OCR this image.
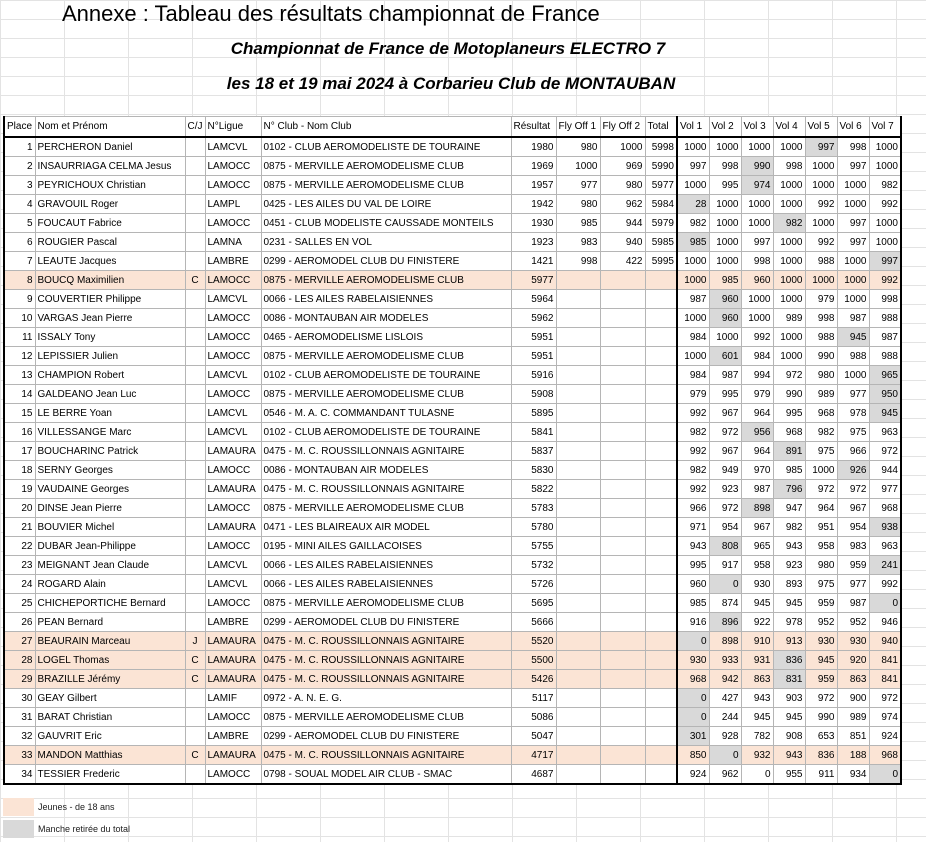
Annexe : Tableau des résultats championnat de France
Championnat de France de Motoplaneurs ELECTRO 7
les 18 et 19 mai 2024 à Corbarieu Club de MONTAUBAN
Place	Nom et Prénom	C/J	N°Ligue	N° Club - Nom Club	Résultat	Fly Off 1	Fly Off 2	Total	Vol 1	Vol 2	Vol 3	Vol 4	Vol 5	Vol 6	Vol 7
1	PERCHERON Daniel		LAMCVL	0102 - CLUB AEROMODELISTE DE TOURAINE	1980	980	1000	5998	1000	1000	1000	1000	997	998	1000
2	INSAURRIAGA CELMA Jesus		LAMOCC	0875 - MERVILLE AEROMODELISME CLUB	1969	1000	969	5990	997	998	990	998	1000	997	1000
3	PEYRICHOUX Christian		LAMOCC	0875 - MERVILLE AEROMODELISME CLUB	1957	977	980	5977	1000	995	974	1000	1000	1000	982
4	GRAVOUIL Roger		LAMPL	0425 - LES AILES DU VAL DE LOIRE	1942	980	962	5984	28	1000	1000	1000	992	1000	992
5	FOUCAUT Fabrice		LAMOCC	0451 - CLUB MODELISTE CAUSSADE MONTEILS	1930	985	944	5979	982	1000	1000	982	1000	997	1000
6	ROUGIER Pascal		LAMNA	0231 - SALLES EN VOL	1923	983	940	5985	985	1000	997	1000	992	997	1000
7	LEAUTE Jacques		LAMBRE	0299 - AEROMODEL CLUB DU FINISTERE	1421	998	422	5995	1000	1000	998	1000	988	1000	997
8	BOUCQ Maximilien	C	LAMOCC	0875 - MERVILLE AEROMODELISME CLUB	5977				1000	985	960	1000	1000	1000	992
9	COUVERTIER Philippe		LAMCVL	0066 - LES AILES RABELAISIENNES	5964				987	960	1000	1000	979	1000	998
10	VARGAS Jean Pierre		LAMOCC	0086 - MONTAUBAN AIR MODELES	5962				1000	960	1000	989	998	987	988
11	ISSALY Tony		LAMOCC	0465 - AEROMODELISME LISLOIS	5951				984	1000	992	1000	988	945	987
12	LEPISSIER Julien		LAMOCC	0875 - MERVILLE AEROMODELISME CLUB	5951				1000	601	984	1000	990	988	988
13	CHAMPION Robert		LAMCVL	0102 - CLUB AEROMODELISTE DE TOURAINE	5916				984	987	994	972	980	1000	965
14	GALDEANO Jean Luc		LAMOCC	0875 - MERVILLE AEROMODELISME CLUB	5908				979	995	979	990	989	977	950
15	LE BERRE Yoan		LAMCVL	0546 - M. A. C. COMMANDANT TULASNE	5895				992	967	964	995	968	978	945
16	VILLESSANGE Marc		LAMCVL	0102 - CLUB AEROMODELISTE DE TOURAINE	5841				982	972	956	968	982	975	963
17	BOUCHARINC Patrick		LAMAURA	0475 - M. C. ROUSSILLONNAIS AGNITAIRE	5837				992	967	964	891	975	966	972
18	SERNY Georges		LAMOCC	0086 - MONTAUBAN AIR MODELES	5830				982	949	970	985	1000	926	944
19	VAUDAINE Georges		LAMAURA	0475 - M. C. ROUSSILLONNAIS AGNITAIRE	5822				992	923	987	796	972	972	977
20	DINSE Jean Pierre		LAMOCC	0875 - MERVILLE AEROMODELISME CLUB	5783				966	972	898	947	964	967	968
21	BOUVIER Michel		LAMAURA	0471 - LES BLAIREAUX AIR MODEL	5780				971	954	967	982	951	954	938
22	DUBAR Jean-Philippe		LAMOCC	0195 - MINI AILES GAILLACOISES	5755				943	808	965	943	958	983	963
23	MEIGNANT Jean Claude		LAMCVL	0066 - LES AILES RABELAISIENNES	5732				995	917	958	923	980	959	241
24	ROGARD Alain		LAMCVL	0066 - LES AILES RABELAISIENNES	5726				960	0	930	893	975	977	992
25	CHICHEPORTICHE Bernard		LAMOCC	0875 - MERVILLE AEROMODELISME CLUB	5695				985	874	945	945	959	987	0
26	PEAN Bernard		LAMBRE	0299 - AEROMODEL CLUB DU FINISTERE	5666				916	896	922	978	952	952	946
27	BEAURAIN Marceau	J	LAMAURA	0475 - M. C. ROUSSILLONNAIS AGNITAIRE	5520				0	898	910	913	930	930	940
28	LOGEL Thomas	C	LAMAURA	0475 - M. C. ROUSSILLONNAIS AGNITAIRE	5500				930	933	931	836	945	920	841
29	BRAZILLE Jérémy	C	LAMAURA	0475 - M. C. ROUSSILLONNAIS AGNITAIRE	5426				968	942	863	831	959	863	841
30	GEAY Gilbert		LAMIF	0972 - A. N. E. G.	5117				0	427	943	903	972	900	972
31	BARAT Christian		LAMOCC	0875 - MERVILLE AEROMODELISME CLUB	5086				0	244	945	945	990	989	974
32	GAUVRIT Eric		LAMBRE	0299 - AEROMODEL CLUB DU FINISTERE	5047				301	928	782	908	653	851	924
33	MANDON Matthias	C	LAMAURA	0475 - M. C. ROUSSILLONNAIS AGNITAIRE	4717				850	0	932	943	836	188	968
34	TESSIER Frederic		LAMOCC	0798 - SOUAL MODEL AIR CLUB - SMAC	4687				924	962	0	955	911	934	0
Jeunes - de 18 ans
Manche retirée du total
